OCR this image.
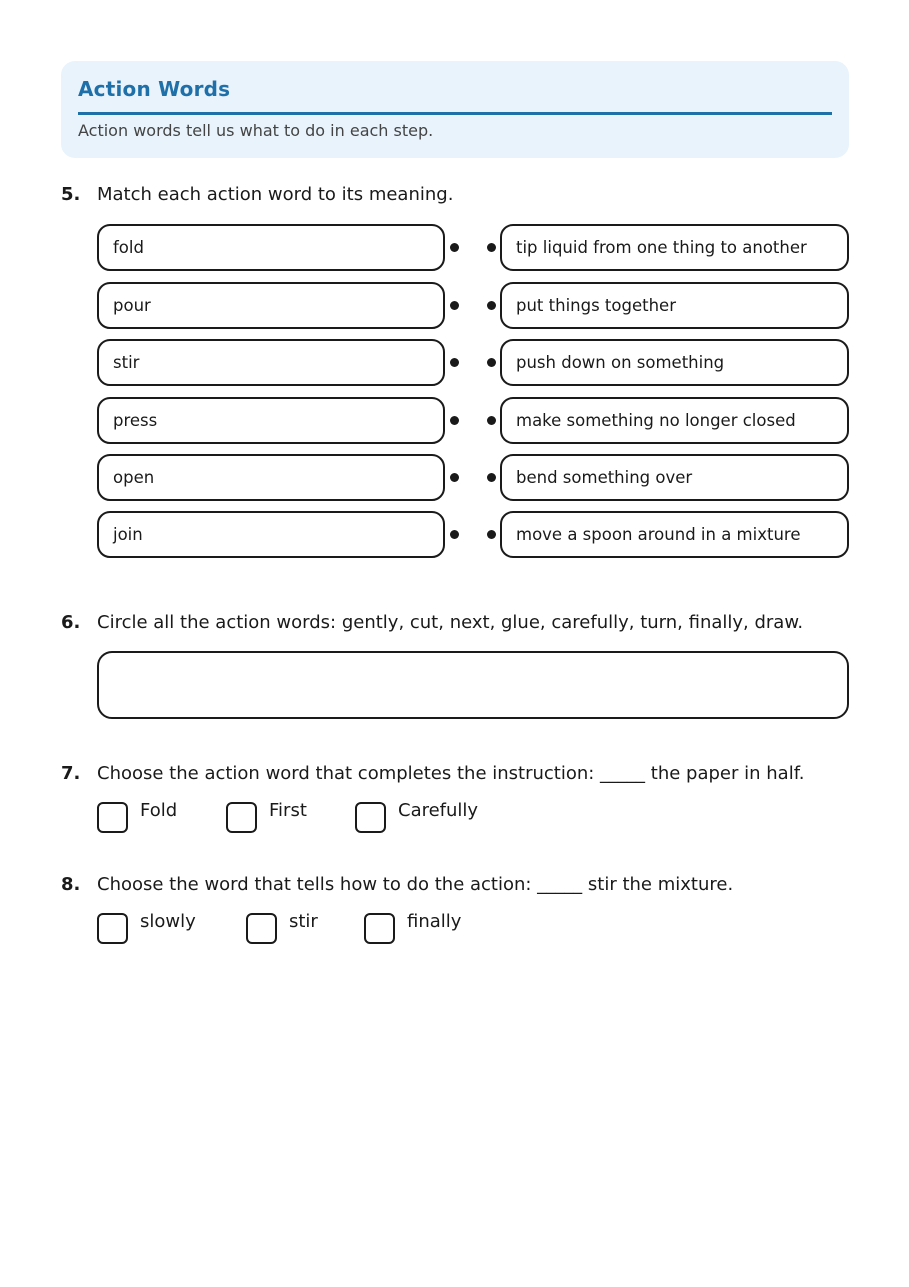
Action Words
Action words tell us what to do in each step.
5. Match each action word to its meaning.
fold
pour
stir
press
open
join
tip liquid from one thing to another
put things together
push down on something
make something no longer closed
bend something over
move a spoon around in a mixture
6. Circle all the action words: gently, cut, next, glue, carefully, turn, finally, draw.
7. Choose the action word that completes the instruction: _____ the paper in half.
Fold	First	Carefully
8. Choose the word that tells how to do the action: _____ stir the mixture.
slowly	stir	finally
